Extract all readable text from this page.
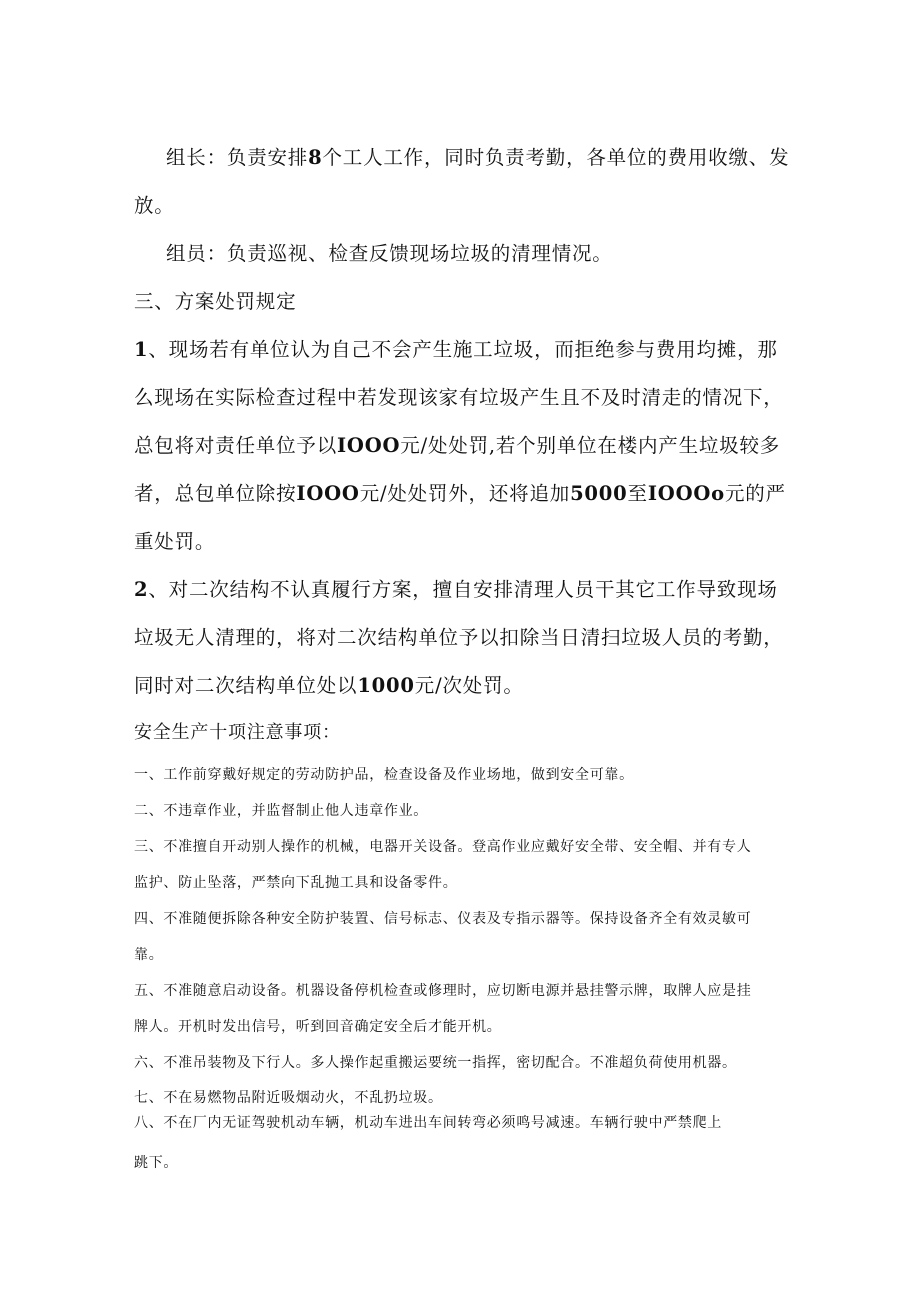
组长：负责安排8个工人工作，同时负责考勤，各单位的费用收缴、发
放。
组员：负责巡视、检查反馈现场垃圾的清理情况。
三、方案处罚规定
1、现场若有单位认为自己不会产生施工垃圾，而拒绝参与费用均摊，那
么现场在实际检查过程中若发现该家有垃圾产生且不及时清走的情况下，
总包将对责任单位予以IOOO元/处处罚,若个别单位在楼内产生垃圾较多
者，总包单位除按IOOO元/处处罚外，还将追加5000至IOOOo元的严
重处罚。
2、对二次结构不认真履行方案，擅自安排清理人员干其它工作导致现场
垃圾无人清理的，将对二次结构单位予以扣除当日清扫垃圾人员的考勤，
同时对二次结构单位处以1000元/次处罚。
安全生产十项注意事项：
一、工作前穿戴好规定的劳动防护品，检查设备及作业场地，做到安全可靠。
二、不违章作业，并监督制止他人违章作业。
三、不准擅自开动别人操作的机械，电器开关设备。登高作业应戴好安全带、安全帽、并有专人
监护、防止坠落，严禁向下乱抛工具和设备零件。
四、不准随便拆除各种安全防护装置、信号标志、仪表及专指示器等。保持设备齐全有效灵敏可
靠。
五、不准随意启动设备。机器设备停机检查或修理时，应切断电源并悬挂警示牌，取牌人应是挂
牌人。开机时发出信号，听到回音确定安全后才能开机。
六、不准吊装物及下行人。多人操作起重搬运要统一指挥，密切配合。不准超负荷使用机器。
七、不在易燃物品附近吸烟动火，不乱扔垃圾。
八、不在厂内无证驾驶机动车辆，机动车进出车间转弯必须鸣号减速。车辆行驶中严禁爬上
跳下。
